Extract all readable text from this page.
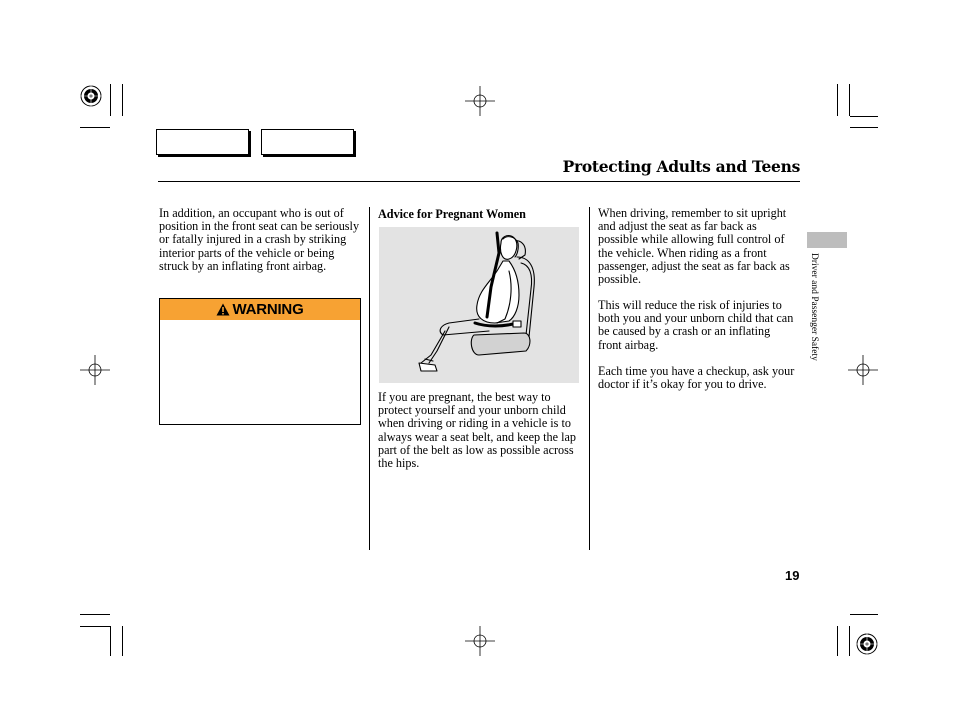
Protecting Adults and Teens
In addition, an occupant who is out of position in the front seat can be seriously or fatally injured in a crash by striking interior parts of the vehicle or being struck by an inflating front airbag.
WARNING
Advice for Pregnant Women
If you are pregnant, the best way to protect yourself and your unborn child when driving or riding in a vehicle is to always wear a seat belt, and keep the lap part of the belt as low as possible across the hips.
When driving, remember to sit upright and adjust the seat as far back as possible while allowing full control of the vehicle. When riding as a front passenger, adjust the seat as far back as possible.
This will reduce the risk of injuries to both you and your unborn child that can be caused by a crash or an inflating front airbag.
Each time you have a checkup, ask your doctor if it’s okay for you to drive.
Driver and Passenger Safety
19
